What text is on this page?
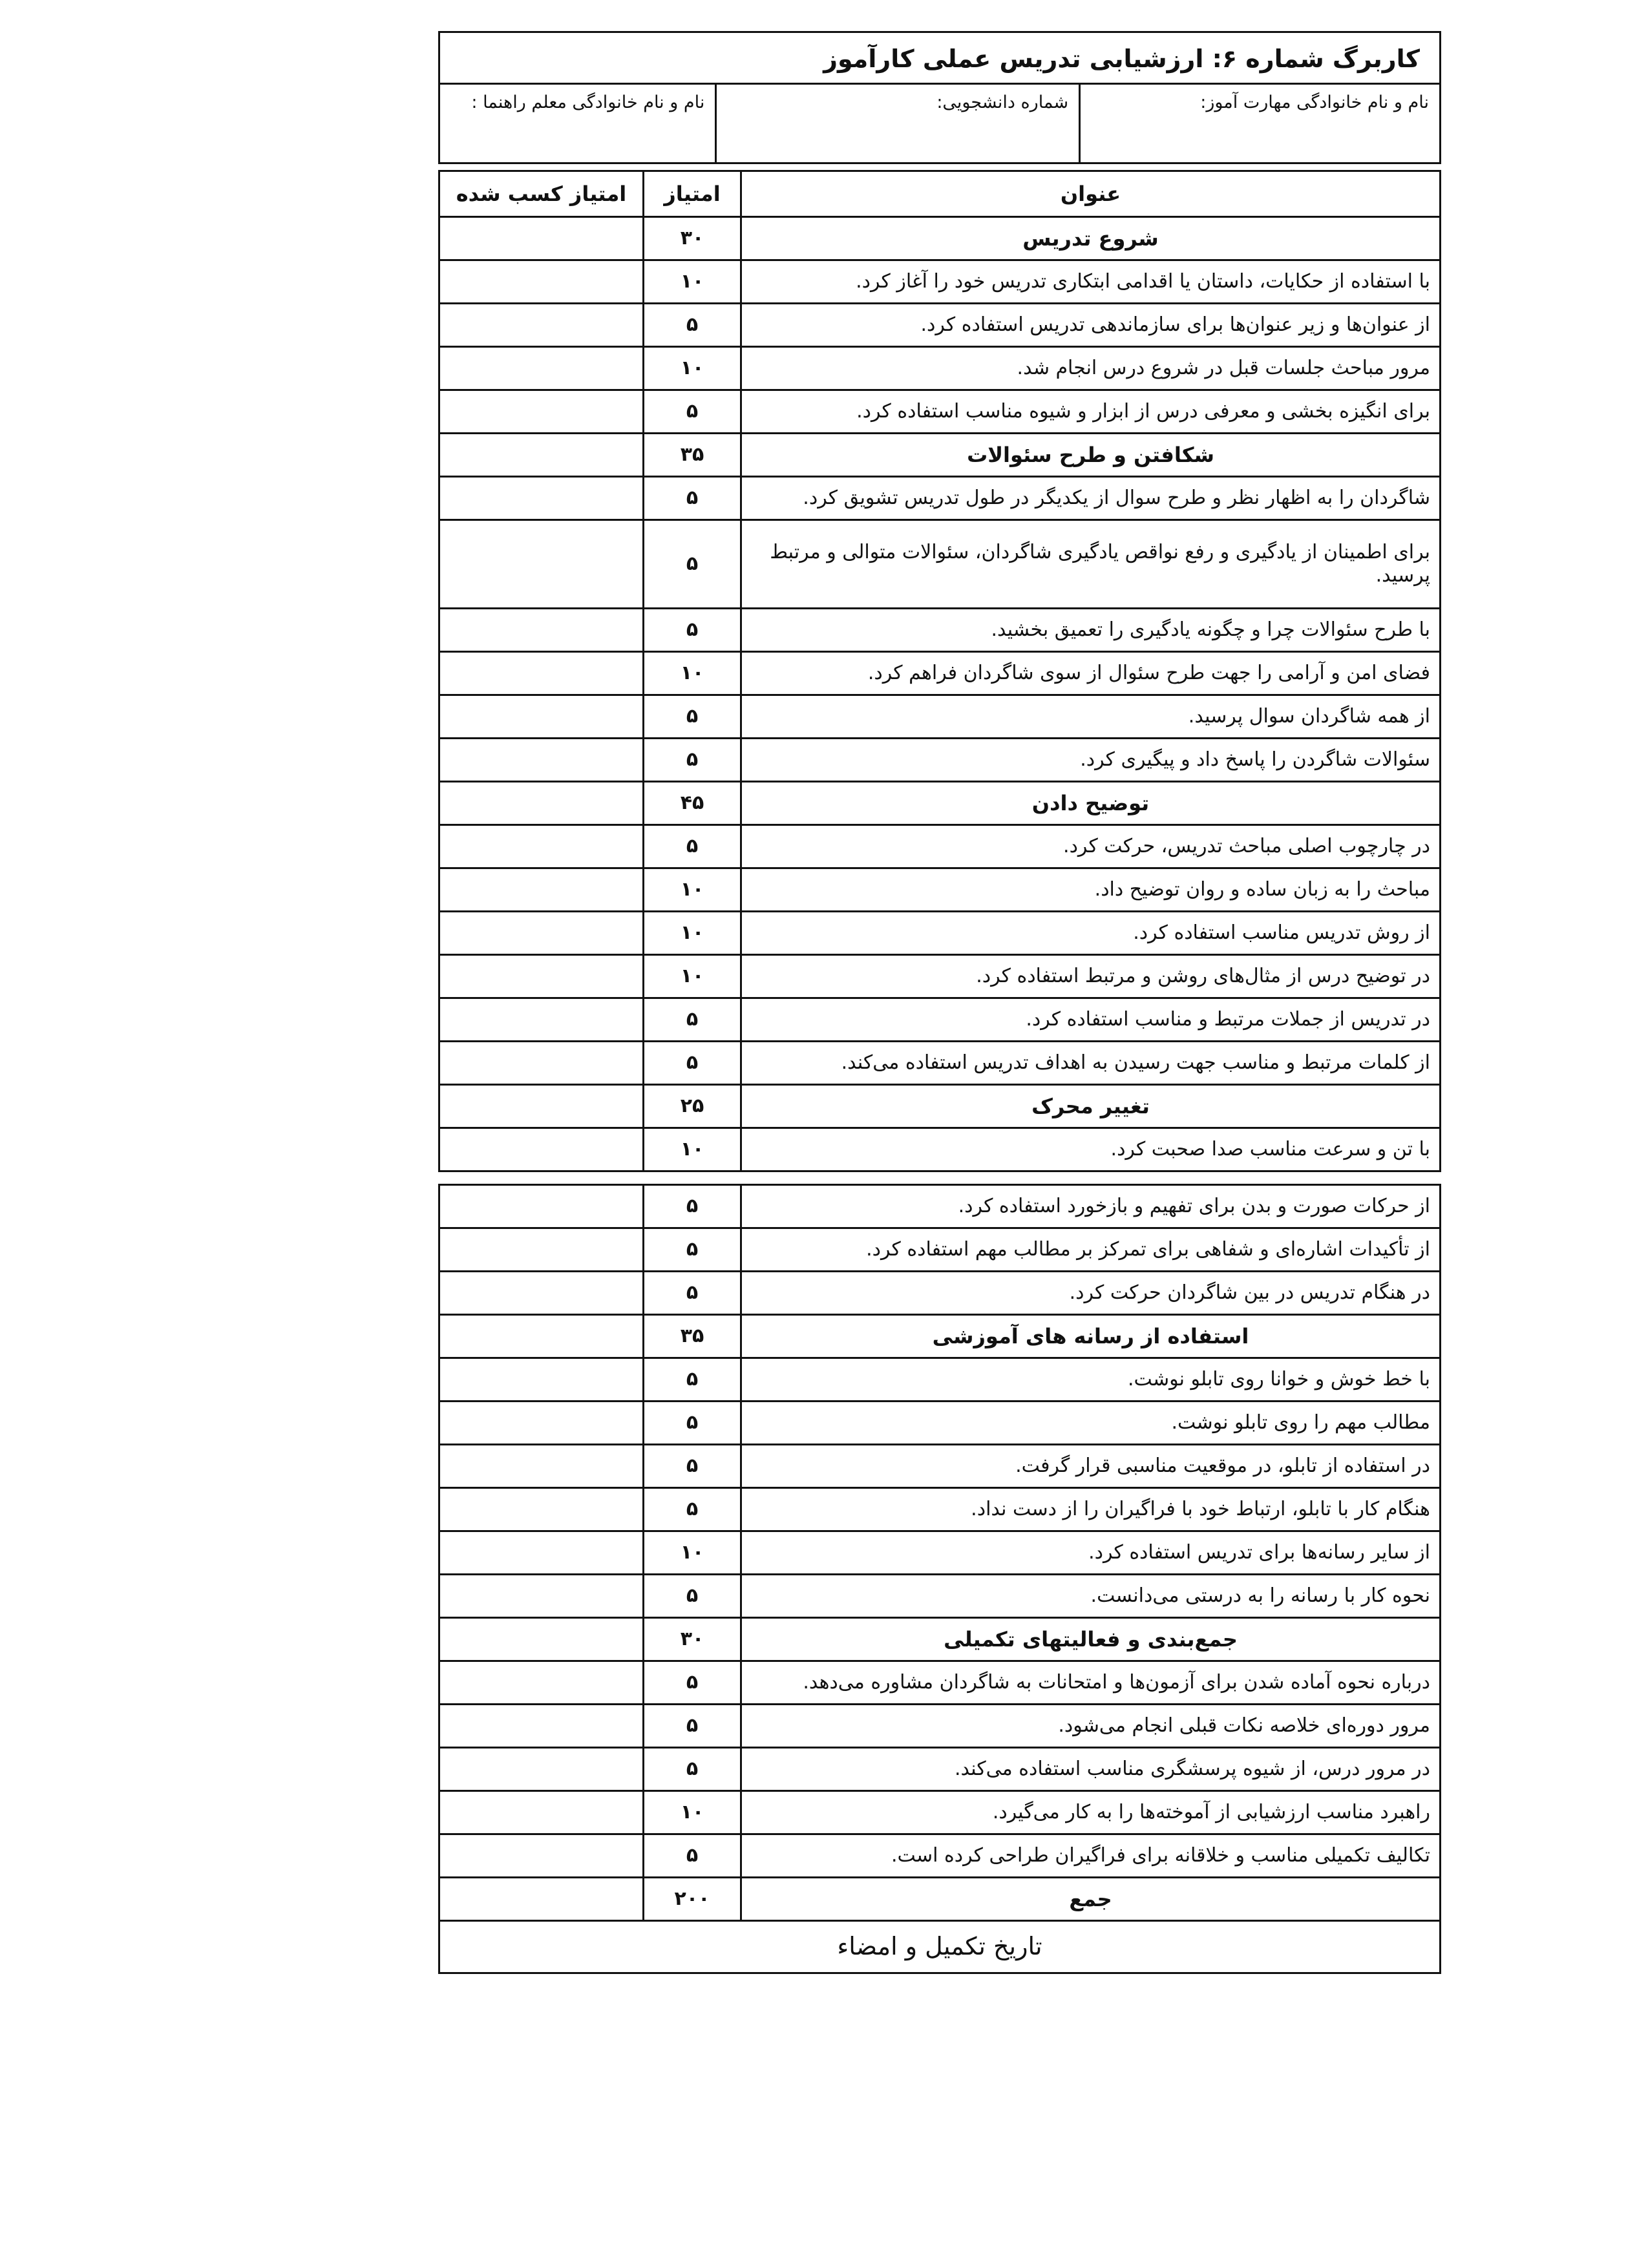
کاربرگ شماره ۶: ارزشیابی تدریس عملی کارآموز
نام و نام خانوادگی مهارت آموز:
شماره دانشجویی:
نام و نام خانوادگی معلم راهنما :
عنوان	امتیاز	امتیاز کسب شده
شروع تدریس	۳۰	
با استفاده از حکایات، داستان یا اقدامی ابتکاری تدریس خود را آغاز کرد.	۱۰	
از عنوان‌ها و زیر عنوان‌ها برای سازماندهی تدریس استفاده کرد.	۵	
مرور مباحث جلسات قبل در شروع درس انجام شد.	۱۰	
برای انگیزه بخشی و معرفی درس از ابزار و شیوه مناسب استفاده کرد.	۵	
شکافتن و طرح سئوالات	۳۵	
شاگردان را به اظهار نظر و طرح سوال از یکدیگر در طول تدریس تشویق کرد.	۵	
برای اطمینان از یادگیری و رفع نواقص یادگیری شاگردان، سئوالات متوالی و مرتبط پرسید.	۵	
با طرح سئوالات چرا و چگونه یادگیری را تعمیق بخشید.	۵	
فضای امن و آرامی را جهت طرح سئوال از سوی شاگردان فراهم کرد.	۱۰	
از همه شاگردان سوال پرسید.	۵	
سئوالات شاگردن را پاسخ داد و پیگیری کرد.	۵	
توضیح دادن	۴۵	
در چارچوب اصلی مباحث تدریس، حرکت کرد.	۵	
مباحث را به زبان ساده و روان توضیح داد.	۱۰	
از روش تدریس مناسب استفاده کرد.	۱۰	
در توضیح درس از مثال‌های روشن و مرتبط استفاده کرد.	۱۰	
در تدریس از جملات مرتبط و مناسب استفاده کرد.	۵	
از کلمات مرتبط و مناسب جهت رسیدن به اهداف تدریس استفاده می‌کند.	۵	
تغییر محرک	۲۵	
با تن و سرعت مناسب صدا صحبت کرد.	۱۰	

از حرکات صورت و بدن برای تفهیم و بازخورد استفاده کرد.	۵	
از تأکیدات اشاره‌ای و شفاهی برای تمرکز بر مطالب مهم استفاده کرد.	۵	
در هنگام تدریس در بین شاگردان حرکت کرد.	۵	
استفاده از رسانه های آموزشی	۳۵	
با خط خوش و خوانا روی تابلو نوشت.	۵	
مطالب مهم را روی تابلو نوشت.	۵	
در استفاده از تابلو، در موقعیت مناسبی قرار گرفت.	۵	
هنگام کار با تابلو، ارتباط خود با فراگیران را از دست نداد.	۵	
از سایر رسانه‌ها برای تدریس استفاده کرد.	۱۰	
نحوه کار با رسانه را به درستی می‌دانست.	۵	
جمع‌بندی و فعالیتهای تکمیلی	۳۰	
درباره نحوه آماده شدن برای آزمون‌ها و امتحانات به شاگردان مشاوره می‌دهد.	۵	
مرور دوره‌ای خلاصه نکات قبلی انجام می‌شود.	۵	
در مرور درس، از شیوه پرسشگری مناسب استفاده می‌کند.	۵	
راهبرد مناسب ارزشیابی از آموخته‌ها را به کار می‌گیرد.	۱۰	
تکالیف تکمیلی مناسب و خلاقانه برای فراگیران طراحی کرده است.	۵	
جمع	۲۰۰	
تاریخ تکمیل و امضاء		
